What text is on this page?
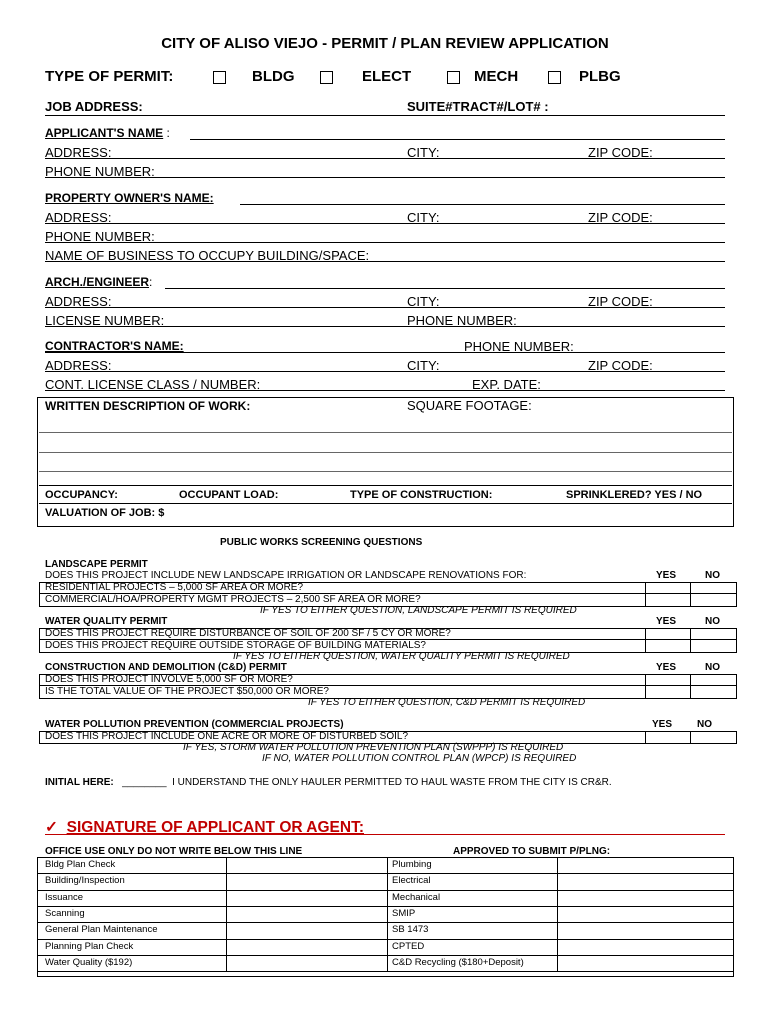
CITY OF ALISO VIEJO - PERMIT / PLAN REVIEW APPLICATION
TYPE OF PERMIT:	BLDG	ELECT	MECH	PLBG
JOB ADDRESS:	SUITE#TRACT#/LOT# :
APPLICANT'S NAME :
ADDRESS:	CITY:	ZIP CODE:
PHONE NUMBER:
PROPERTY OWNER'S NAME:
ADDRESS:	CITY:	ZIP CODE:
PHONE NUMBER:
NAME OF BUSINESS TO OCCUPY BUILDING/SPACE:
ARCH./ENGINEER:
ADDRESS:	CITY:	ZIP CODE:
LICENSE NUMBER:	PHONE NUMBER:
CONTRACTOR'S NAME:	PHONE NUMBER:
ADDRESS:	CITY:	ZIP CODE:
CONT. LICENSE CLASS / NUMBER:	EXP. DATE:
WRITTEN DESCRIPTION OF WORK:	SQUARE FOOTAGE:
OCCUPANCY:	OCCUPANT LOAD:	TYPE OF CONSTRUCTION:	SPRINKLERED? YES / NO
VALUATION OF JOB: $
PUBLIC WORKS SCREENING QUESTIONS
LANDSCAPE PERMIT
DOES THIS PROJECT INCLUDE NEW LANDSCAPE IRRIGATION OR LANDSCAPE RENOVATIONS FOR:	YES	NO
RESIDENTIAL PROJECTS – 5,000 SF AREA OR MORE?
COMMERCIAL/HOA/PROPERTY MGMT PROJECTS – 2,500 SF AREA OR MORE?
IF YES TO EITHER QUESTION, LANDSCAPE PERMIT IS REQUIRED
WATER QUALITY PERMIT	YES	NO
DOES THIS PROJECT REQUIRE DISTURBANCE OF SOIL OF 200 SF / 5 CY OR MORE?
DOES THIS PROJECT REQUIRE OUTSIDE STORAGE OF BUILDING MATERIALS?
IF YES TO EITHER QUESTION, WATER QUALITY PERMIT IS REQUIRED
CONSTRUCTION AND DEMOLITION (C&D) PERMIT	YES	NO
DOES THIS PROJECT INVOLVE 5,000 SF OR MORE?
IS THE TOTAL VALUE OF THE PROJECT $50,000 OR MORE?
IF YES TO EITHER QUESTION, C&D PERMIT IS REQUIRED
WATER POLLUTION PREVENTION (COMMERCIAL PROJECTS)	YES NO
DOES THIS PROJECT INCLUDE ONE ACRE OR MORE OF DISTURBED SOIL?
IF YES, STORM WATER POLLUTION PREVENTION PLAN (SWPPP) IS REQUIRED
IF NO, WATER POLLUTION CONTROL PLAN (WPCP) IS REQUIRED
INITIAL HERE: ________ I UNDERSTAND THE ONLY HAULER PERMITTED TO HAUL WASTE FROM THE CITY IS CR&R.
✓ SIGNATURE OF APPLICANT OR AGENT:
OFFICE USE ONLY DO NOT WRITE BELOW THIS LINE	APPROVED TO SUBMIT P/PLNG:
Bldg Plan Check	Plumbing
Building/Inspection	Electrical
Issuance	Mechanical
Scanning	SMIP
General Plan Maintenance	SB 1473
Planning Plan Check	CPTED
Water Quality ($192)	C&D Recycling ($180+Deposit)
